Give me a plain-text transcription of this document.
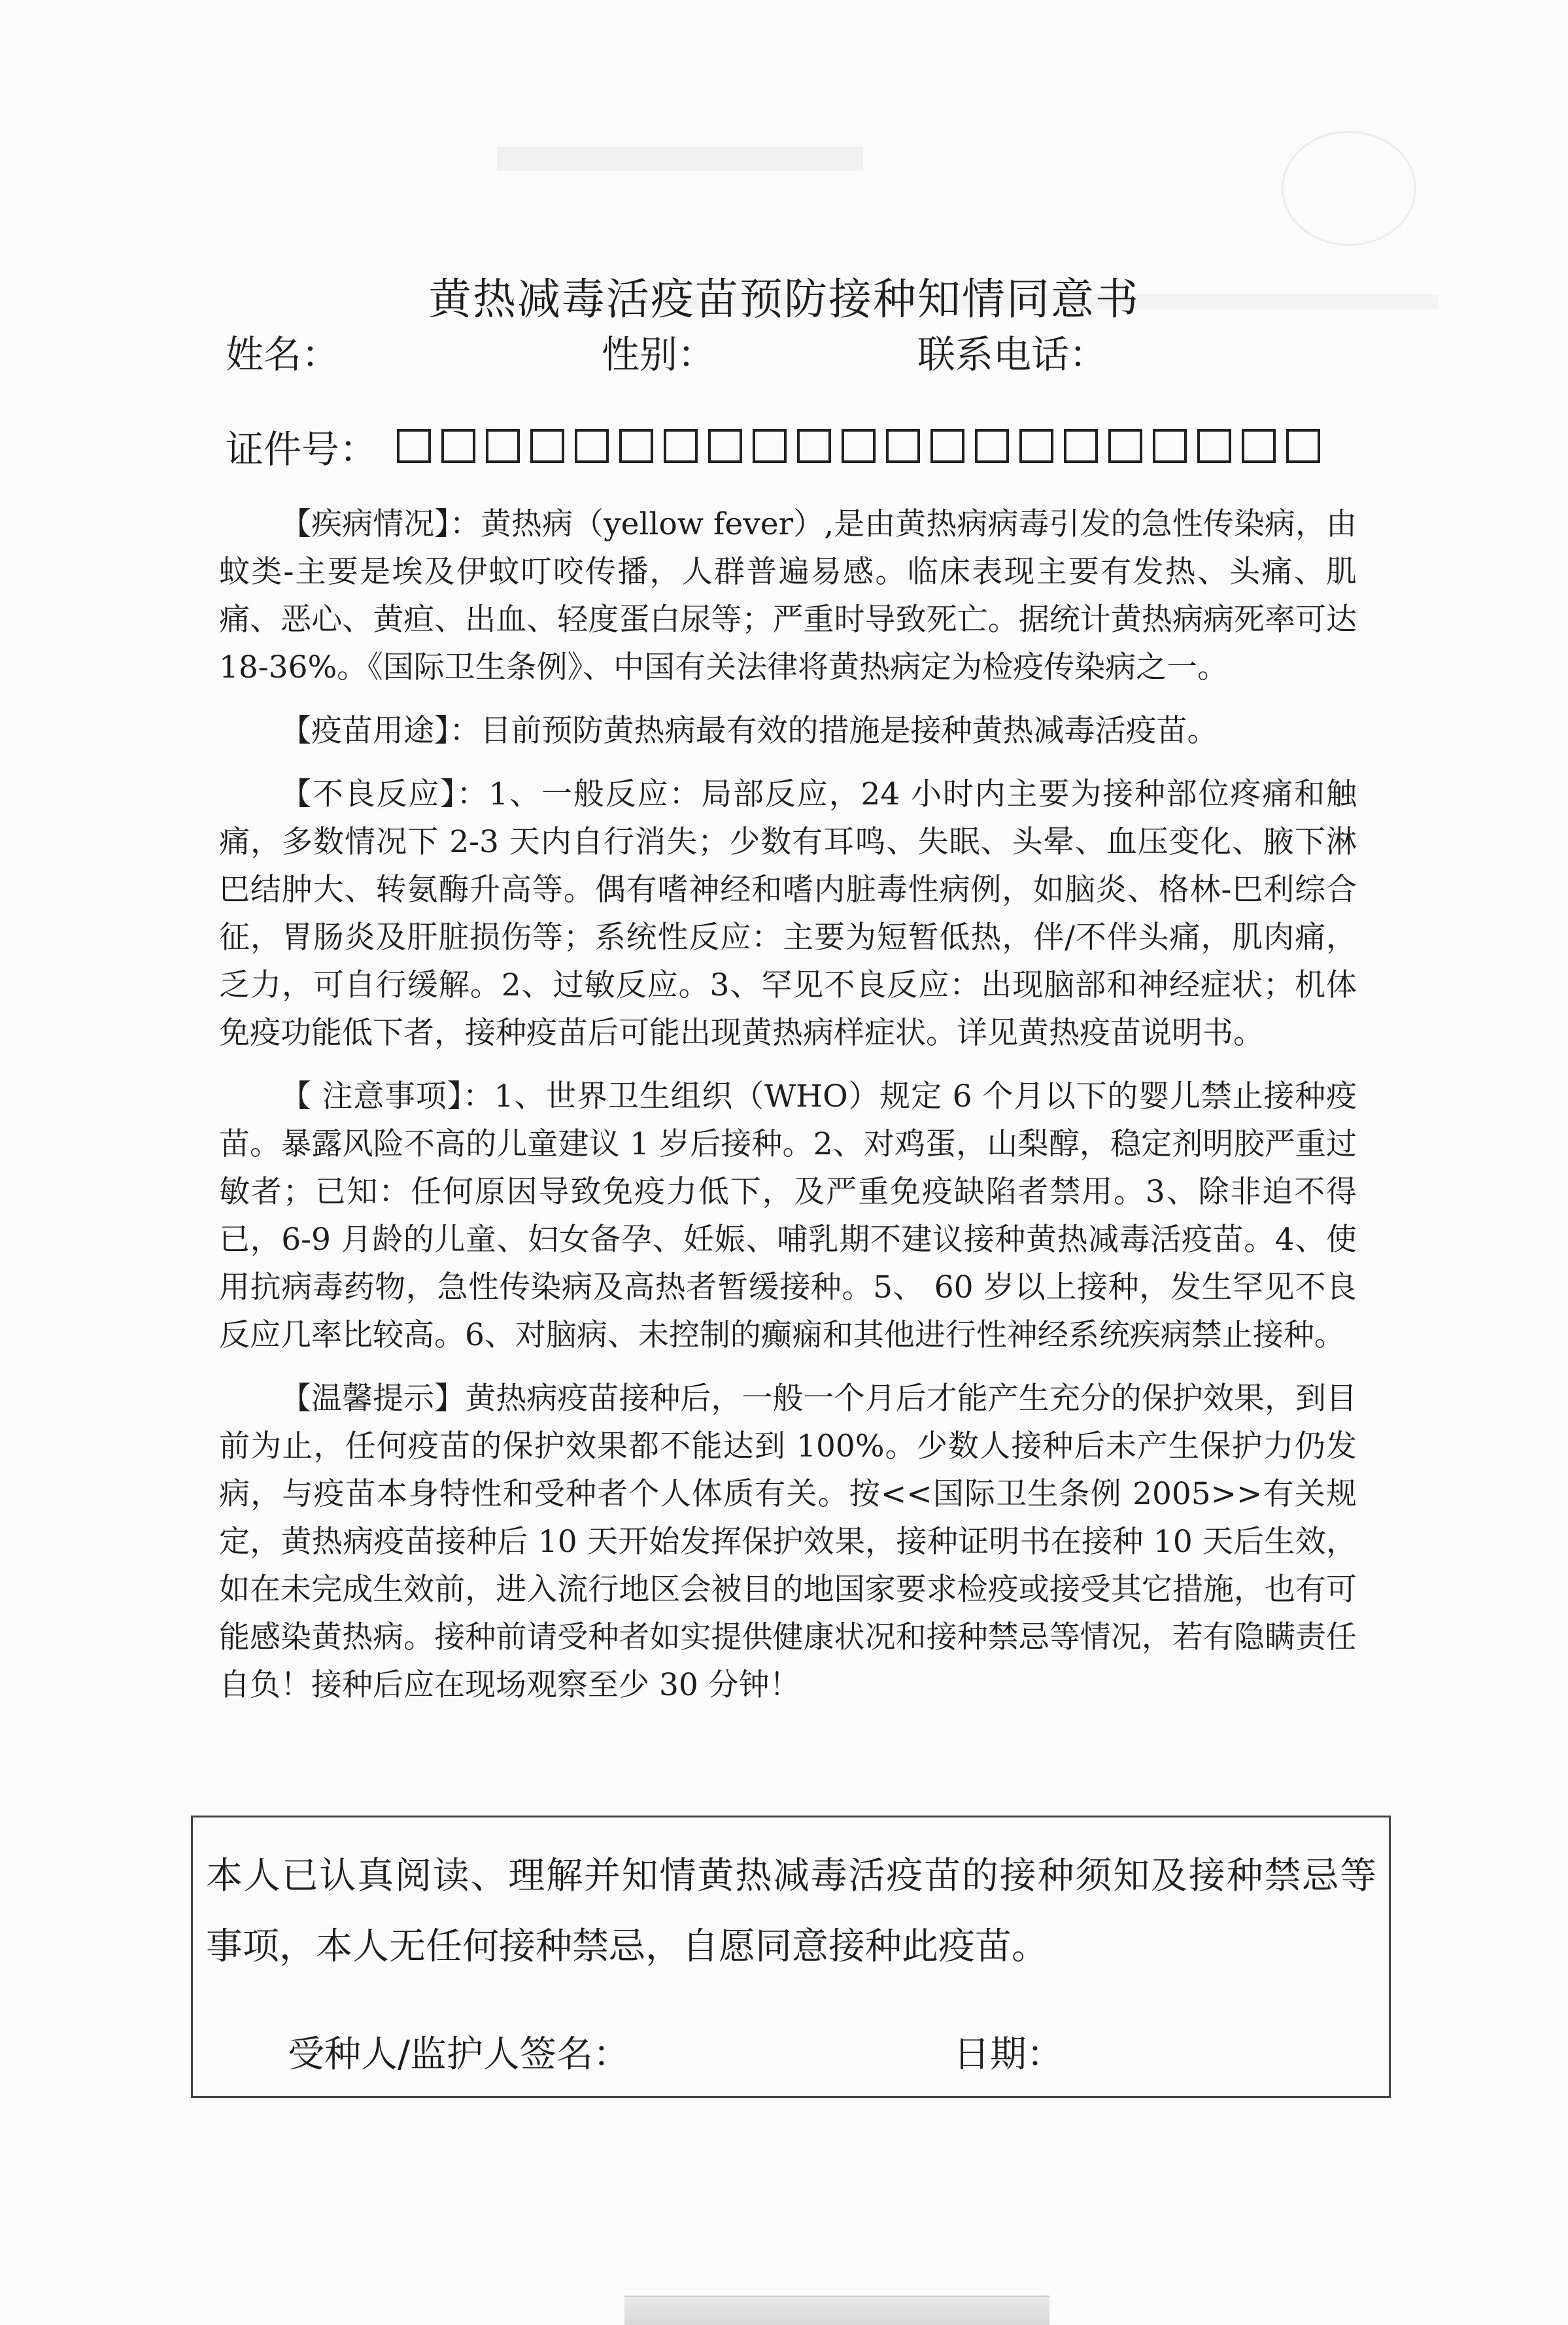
黄热减毒活疫苗预防接种知情同意书
姓名：	性别：	联系电话：
证件号：

【疾病情况】：黄热病（yellow fever）,是由黄热病病毒引发的急性传染病，由蚊类-主要是埃及伊蚊叮咬传播，人群普遍易感。临床表现主要有发热、头痛、肌痛、恶心、黄疸、出血、轻度蛋白尿等；严重时导致死亡。据统计黄热病病死率可达 18-36%。《国际卫生条例》、中国有关法律将黄热病定为检疫传染病之一。

【疫苗用途】：目前预防黄热病最有效的措施是接种黄热减毒活疫苗。

【不良反应】：1、一般反应：局部反应，24 小时内主要为接种部位疼痛和触痛，多数情况下 2-3 天内自行消失；少数有耳鸣、失眠、头晕、血压变化、腋下淋巴结肿大、转氨酶升高等。偶有嗜神经和嗜内脏毒性病例，如脑炎、格林-巴利综合征，胃肠炎及肝脏损伤等；系统性反应：主要为短暂低热，伴/不伴头痛，肌肉痛，乏力，可自行缓解。2、过敏反应。3、罕见不良反应：出现脑部和神经症状；机体免疫功能低下者，接种疫苗后可能出现黄热病样症状。详见黄热疫苗说明书。

【 注意事项】：1、世界卫生组织（WHO）规定 6 个月以下的婴儿禁止接种疫苗。暴露风险不高的儿童建议 1 岁后接种。2、对鸡蛋，山梨醇，稳定剂明胶严重过敏者；已知：任何原因导致免疫力低下，及严重免疫缺陷者禁用。3、除非迫不得已，6-9 月龄的儿童、妇女备孕、妊娠、哺乳期不建议接种黄热减毒活疫苗。4、使用抗病毒药物，急性传染病及高热者暂缓接种。5、 60 岁以上接种，发生罕见不良反应几率比较高。6、对脑病、未控制的癫痫和其他进行性神经系统疾病禁止接种。

【温馨提示】黄热病疫苗接种后，一般一个月后才能产生充分的保护效果，到目前为止，任何疫苗的保护效果都不能达到 100%。少数人接种后未产生保护力仍发病，与疫苗本身特性和受种者个人体质有关。按<<国际卫生条例 2005>>有关规定，黄热病疫苗接种后 10 天开始发挥保护效果，接种证明书在接种 10 天后生效，如在未完成生效前，进入流行地区会被目的地国家要求检疫或接受其它措施，也有可能感染黄热病。接种前请受种者如实提供健康状况和接种禁忌等情况，若有隐瞒责任自负！接种后应在现场观察至少 30 分钟！

本人已认真阅读、理解并知情黄热减毒活疫苗的接种须知及接种禁忌等事项，本人无任何接种禁忌，自愿同意接种此疫苗。
受种人/监护人签名：	日期：
